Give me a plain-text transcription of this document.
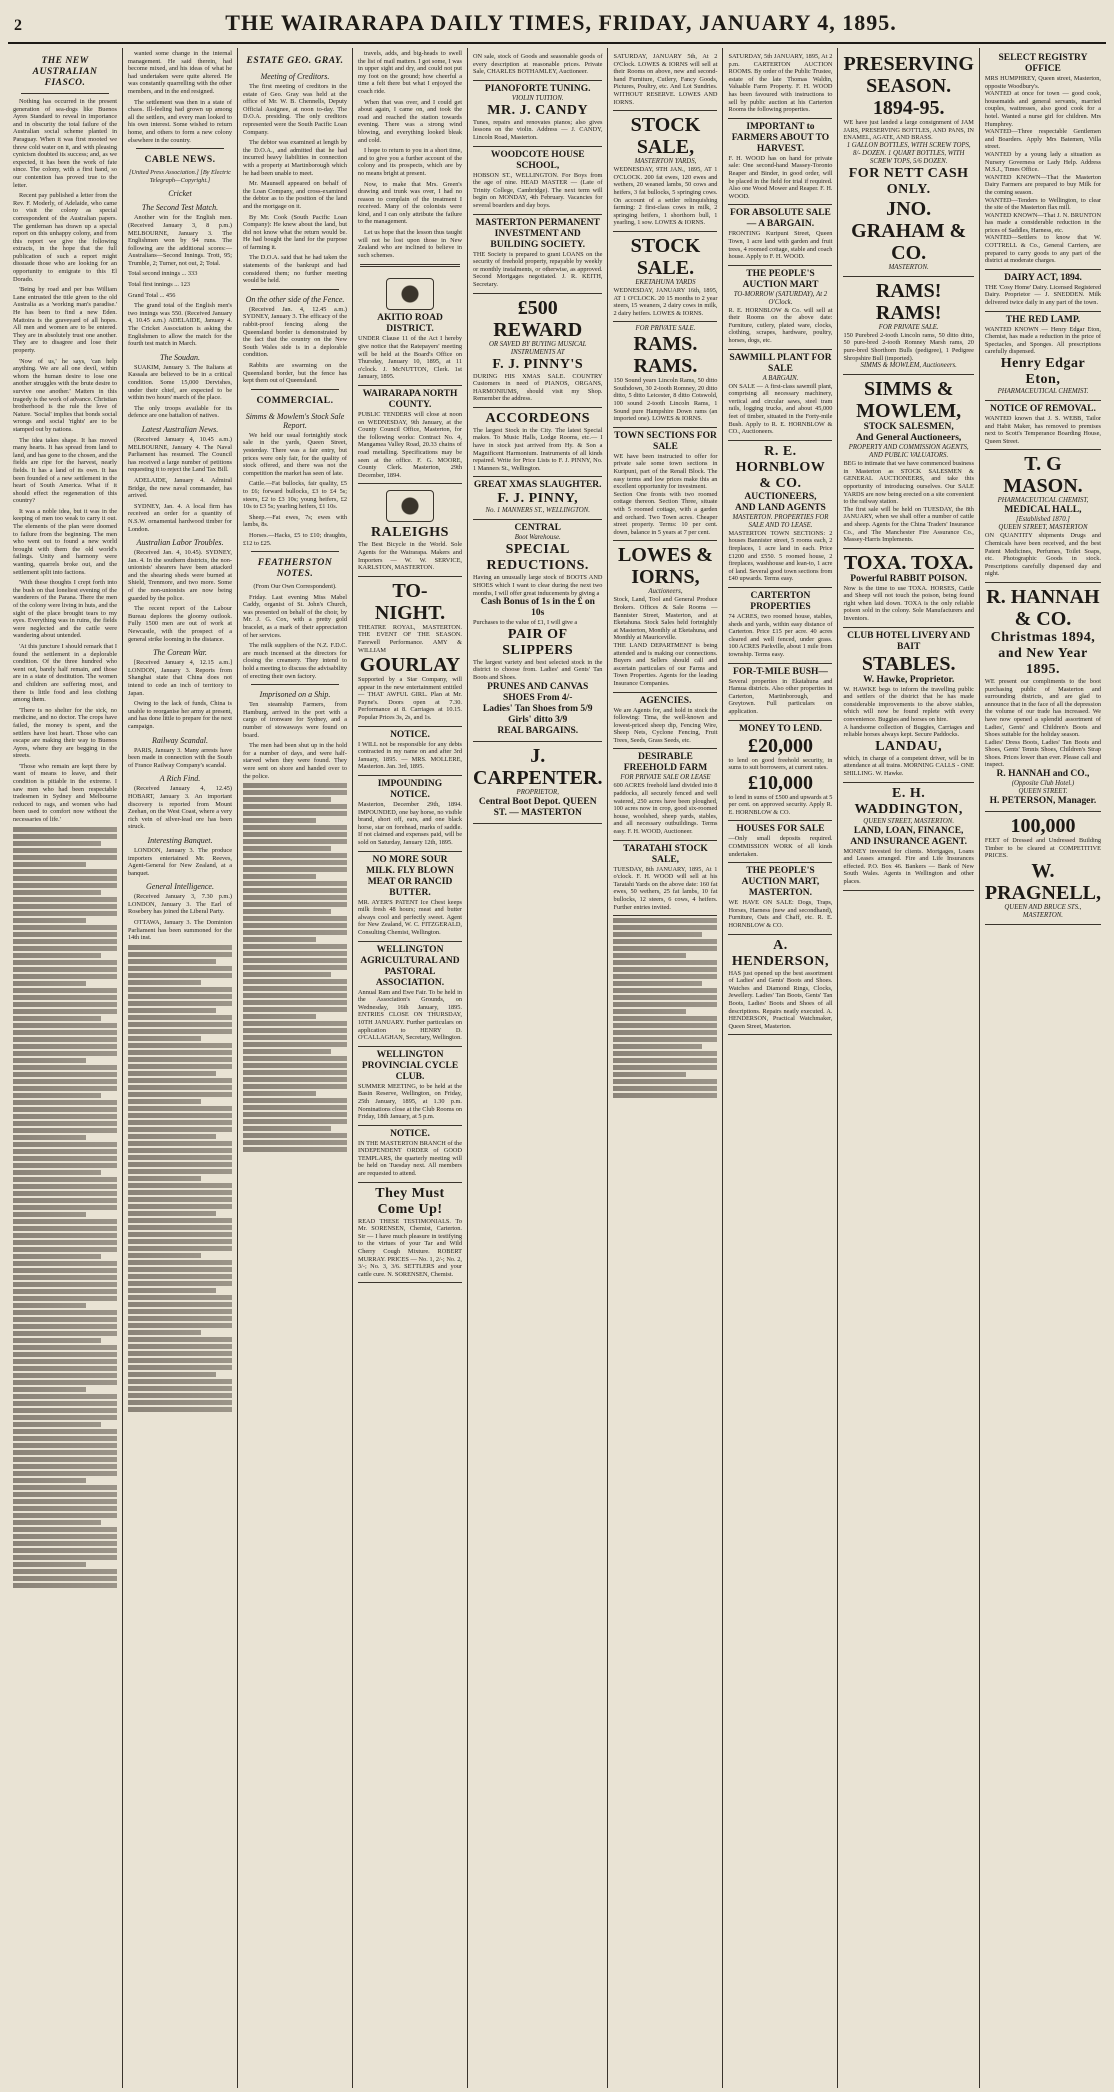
2	THE WAIRARAPA DAILY TIMES, FRIDAY, JANUARY 4, 1895.
THE NEW AUSTRALIAN FIASCO.

Nothing has occurred in the present generation of sea-dogs like Buenos Ayres Standard to reveal in importance and in obscurity the total failure of the Australian social scheme planted in Paraguay. When it was first mooted we threw cold water on it, and with pleasing cynicism doubted its success; and, as we expected, it has been the work of fate since. The colony, with a first hand, so our contention has proved true to the letter.

Recent pay published a letter from the Rev. F. Moderly, of Adelaide, who came to visit the colony as special correspondent of the Australian papers. The gentleman has drawn up a special report on this unhappy colony, and from this report we give the following extracts, in the hope that the full publication of such a report might dissuade those who are looking for an opportunity to emigrate to this El Dorado.

'Being by road and per bus William Lane entrusted the title given to the old Australia as a 'working man's paradise.' He has been to find a new Eden. Mattoira is the graveyard of all hopes. All men and women are to be entered. They are in absolutely trust one another. They are to disagree and lose their property.

'Now of us,' he says, 'can help anything. We are all one devil, within whom the human desire to lose one another struggles with the brute desire to survive one another.' Matters in this tragedy is the work of advance. Christian brotherhood is the rule the love of Nature. 'Social' implies that bonds social wrongs and social 'rights' are to be stamped out by nations.

The idea takes shape. It has moved many hearts. It has spread from land to land, and has gone to the chosen, and the fields are ripe for the harvest, nearly fields. It has a land of its own. It has been founded of a new settlement in the heart of South America. What if it should effect the regeneration of this country?

It was a noble idea, but it was in the keeping of men too weak to carry it out. The elements of the plan were doomed to failure from the beginning. The men who went out to found a new world brought with them the old world's failings. Unity and harmony were wanting, quarrels broke out, and the settlement split into factions.

'With these thoughts I crept forth into the bush on that loneliest evening of the wanderers of the Parana. There the men of the colony were living in huts, and the sight of the place brought tears to my eyes. Everything was in ruins, the fields were neglected and the cattle were wandering about untended.

'At this juncture I should remark that I found the settlement in a deplorable condition. Of the three hundred who went out, barely half remain, and those are in a state of destitution. The women and children are suffering most, and there is little food and less clothing among them.

'There is no shelter for the sick, no medicine, and no doctor. The crops have failed, the money is spent, and the settlers have lost heart. Those who can escape are making their way to Buenos Ayres, where they are begging in the streets.

'Those who remain are kept there by want of means to leave, and their condition is pitiable in the extreme. I saw men who had been respectable tradesmen in Sydney and Melbourne reduced to rags, and women who had been used to comfort now without the necessaries of life.'

wanted some change in the internal management. He said therein, had become mixed, and his ideas of what he had undertaken were quite altered. He was constantly quarrelling with the other members, and in the end resigned.

The settlement was then in a state of chaos. Ill-feeling had grown up among all the settlers, and every man looked to his own interest. Some wished to return home, and others to form a new colony elsewhere in the country.

CABLE NEWS.

[United Press Association.] [By Electric Telegraph—Copyright.]

Cricket
The Second Test Match.

Another win for the English men. (Received January 3, 8 p.m.) MELBOURNE, January 3. The Englishmen won by 94 runs. The following are the additional scores:— Australians—Second Innings. Trott, 95; Trumble, 2; Turner, not out, 2; Total.

Total second innings ... 333

Total first innings ... 123

Grand Total ... 456

The grand total of the English men's two innings was 550. (Received January 4, 10.45 a.m.) ADELAIDE, January 4. The Cricket Association is asking the Englishmen to allow the match for the fourth test match in March.

The Soudan.

SUAKIM, January 3. The Italians at Kassala are believed to be in a critical condition. Some 15,000 Dervishes, under their chief, are expected to be within two hours' march of the place.

The only troops available for its defence are one battalion of natives.

Latest Australian News.

(Received January 4, 10.45 a.m.) MELBOURNE, January 4. The Naval Parliament has resumed. The Council has received a large number of petitions requesting it to reject the Land Tax Bill.

ADELAIDE, January 4. Admiral Bridge, the new naval commander, has arrived.

SYDNEY, Jan. 4. A local firm has received an order for a quantity of N.S.W. ornamental hardwood timber for London.

Australian Labor Troubles.

(Received Jan. 4, 10.45). SYDNEY, Jan. 4. In the southern districts, the non-unionists' shearers have been attacked and the shearing sheds were burned at Shield, Trenmore, and two more. Some of the non-unionists are now being guarded by the police.

The recent report of the Labour Bureau deplores the gloomy outlook. Fully 1500 men are out of work at Newcastle, with the prospect of a general strike looming in the distance.

The Corean War.

[Received January 4, 12.15 a.m.] LONDON, January 3. Reports from Shanghai state that China does not intend to cede an inch of territory to Japan.

Owing to the lack of funds, China is unable to reorganise her army at present, and has done little to prepare for the next campaign.

Railway Scandal.

PARIS, January 3. Many arrests have been made in connection with the South of France Railway Company's scandal.

A Rich Find.

(Received January 4, 12.45) HOBART, January 3. An important discovery is reported from Mount Zeehan, on the West Coast, where a very rich vein of silver-lead ore has been struck.

Interesting Banquet.

LONDON, January 3. The produce importers entertained Mr. Reeves, Agent-General for New Zealand, at a banquet.

General Intelligence.

(Received January 3, 7.30 p.m.) LONDON, January 3. The Earl of Rosebery has joined the Liberal Party.

OTTAWA, January 3. The Dominion Parliament has been summoned for the 14th inst.

ESTATE GEO. GRAY.
Meeting of Creditors.

The first meeting of creditors in the estate of Geo. Gray was held at the office of Mr. W. B. Chennells, Deputy Official Assignee, at noon to-day. The D.O.A. presiding. The only creditors represented were the South Pacific Loan Company.

The debtor was examined at length by the D.O.A., and admitted that he had incurred heavy liabilities in connection with a property at Martinborough which he had been unable to meet.

Mr. Maunsell appeared on behalf of the Loan Company, and cross-examined the debtor as to the position of the land and the mortgage on it.

By Mr. Cook (South Pacific Loan Company): He knew about the land, but did not know what the return would be. He had bought the land for the purpose of farming it.

The D.O.A. said that he had taken the statements of the bankrupt and had considered them; no further meeting would be held.

On the other side of the Fence.

(Received Jan. 4, 12.45 a.m.) SYDNEY, January 3. The efficacy of the rabbit-proof fencing along the Queensland border is demonstrated by the fact that the country on the New South Wales side is in a deplorable condition.

Rabbits are swarming on the Queensland border, but the fence has kept them out of Queensland.

COMMERCIAL.
Simms & Mowlem's Stock Sale Report.

We held our usual fortnightly stock sale in the yards, Queen Street, yesterday. There was a fair entry, but prices were only fair, for the quality of stock offered, and there was not the competition the market has seen of late.

Cattle.—Fat bullocks, fair quality, £5 to £6; forward bullocks, £3 to £4 5s; steers, £2 to £3 10s; young heifers, £2 10s to £3 5s; yearling heifers, £1 10s.

Sheep.—Fat ewes, 7s; ewes with lambs, 8s.

Horses.—Hacks, £5 to £10; draughts, £12 to £25.

FEATHERSTON NOTES.

(From Our Own Correspondent).

Friday. Last evening Miss Mabel Caddy, organist of St. John's Church, was presented on behalf of the choir, by Mr. J. G. Cox, with a pretty gold bracelet, as a mark of their appreciation of her services.

The milk suppliers of the N.Z. F.D.C. are much incensed at the directors for closing the creamery. They intend to hold a meeting to discuss the advisability of erecting their own factory.

Imprisoned on a Ship.

Ten steamship Farmers, from Hamburg, arrived in the port with a cargo of ironware for Sydney, and a number of stowaways were found on board.

The men had been shut up in the hold for a number of days, and were half-starved when they were found. They were sent on shore and handed over to the police.

travels, adds, and big-heads to swell the list of mail matters. I got some, I was in upper sight and dry, and could not put my foot on the ground; how cheerful a time a felt there but what I enjoyed the coach ride.

When that was over, and I could get about again, I came on, and took the road and reached the station towards evening. There was a strong wind blowing, and everything looked bleak and cold.

I hope to return to you in a short time, and to give you a further account of the colony and its prospects, which are by no means bright at present.

Now, to make that Mrs. Green's drawing and trunk was over, I had no reason to complain of the treatment I received. Many of the colonists were kind, and I can only attribute the failure to the management.

Let us hope that the lesson thus taught will not be lost upon those in New Zealand who are inclined to believe in such schemes.

AKITIO ROAD DISTRICT.
UNDER Clause 11 of the Act I hereby give notice that the Ratepayers' meeting will be held at the Board's Office on Thursday, January 10, 1895, at 11 o'clock. J. McNUTTON, Clerk. 1st January, 1895.
WAIRARAPA NORTH COUNTY.
PUBLIC TENDERS will close at noon on WEDNESDAY, 9th January, at the County Council Office, Masterton, for the following works: Contract No. 4, Mangamea Valley Road, 20.33 chains of road metalling. Specifications may be seen at the office. F. G. MOORE, County Clerk. Masterton, 29th December, 1894.
RALEIGHS
The Best Bicycle in the World. Sole Agents for the Wairarapa. Makers and Importers — W. W. SERVICE, KARLSTON, MASTERTON.
TO-NIGHT.
THEATRE ROYAL, MASTERTON. THE EVENT OF THE SEASON. Farewell Performance. AMY & WILLIAM
GOURLAY
Supported by a Star Company, will appear in the new entertainment entitled — THAT AWFUL GIRL. Plan at Mr. Payne's. Doors open at 7.30. Performance at 8. Carriages at 10.15. Popular Prices 3s, 2s, and 1s.
NOTICE.
I WILL not be responsible for any debts contracted in my name on and after 3rd January, 1895. — MRS. MOLLERE, Masterton. Jan. 3rd, 1895.
IMPOUNDING NOTICE.
Masterton, December 29th, 1894. IMPOUNDED, one bay horse, no visible brand, short off, ears, and one black horse, star on forehead, marks of saddle. If not claimed and expenses paid, will be sold on Saturday, January 12th, 1895.
NO MORE SOUR MILK. FLY BLOWN MEAT OR RANCID BUTTER.
MR. AYER'S PATENT Ice Chest keeps milk fresh 48 hours; meat and butter always cool and perfectly sweet. Agent for New Zealand, W. C. FITZGERALD, Consulting Chemist, Wellington.
WELLINGTON AGRICULTURAL AND PASTORAL ASSOCIATION.
Annual Ram and Ewe Fair. To be held in the Association's Grounds, on Wednesday, 16th January, 1895. ENTRIES CLOSE ON THURSDAY, 10TH JANUARY. Further particulars on application to HENRY D. O'CALLAGHAN, Secretary, Wellington.
WELLINGTON PROVINCIAL CYCLE CLUB.
SUMMER MEETING, to be held at the Basin Reserve, Wellington, on Friday, 25th January, 1895, at 1.30 p.m. Nominations close at the Club Rooms on Friday, 18th January, at 5 p.m.
NOTICE.
IN THE MASTERTON BRANCH of the INDEPENDENT ORDER of GOOD TEMPLARS, the quarterly meeting will be held on Tuesday next. All members are requested to attend.
They Must Come Up!
READ THESE TESTIMONIALS. To Mr. SORENSEN, Chemist, Carterton. Sir — I have much pleasure in testifying to the virtues of your Tar and Wild Cherry Cough Mixture. ROBERT MURRAY. PRICES — No. 1, 2/-; No. 2, 3/-; No. 3, 3/6. SETTLERS and your cattle cure. N. SORENSEN, Chemist.
ON sale, stock of Goods and seasonable goods of every description at reasonable prices. Private Sale, CHARLES BOTHAMLEY, Auctioneer.
PIANOFORTE TUNING.
VIOLIN TUITION.
MR. J. CANDY
Tunes, repairs and renovates pianos; also gives lessons on the violin. Address — J. CANDY, Lincoln Road, Masterton.
WOODCOTE HOUSE SCHOOL,
HOBSON ST., WELLINGTON. For Boys from the age of nine. HEAD MASTER — (Late of Trinity College, Cambridge). The next term will begin on MONDAY, 4th February. Vacancies for several boarders and day boys.
MASTERTON PERMANENT INVESTMENT AND BUILDING SOCIETY.
THE Society is prepared to grant LOANS on the security of freehold property, repayable by weekly or monthly instalments, or otherwise, as approved. Second Mortgages negotiated. J. R. KEITH, Secretary.
£500 REWARD
OR SAVED BY BUYING MUSICAL INSTRUMENTS AT
F. J. PINNY'S
DURING HIS XMAS SALE. COUNTRY Customers in need of PIANOS, ORGANS, HARMONIUMS, should visit my Shop. Remember the address.
ACCORDEONS
The largest Stock in the City. The latest Special makes. To Music Halls, Lodge Rooms, etc.— I have in stock just arrived from Hy. & Son a Magnificent Harmonium. Instruments of all kinds repaired. Write for Price Lists to F. J. PINNY, No. 1 Manners St., Wellington.
GREAT XMAS SLAUGHTER.
F. J. PINNY,
No. 1 MANNERS ST., WELLINGTON.
CENTRAL
Boot Warehouse.
SPECIAL REDUCTIONS.
Having an unusually large stock of BOOTS AND SHOES which I want to clear during the next two months, I will offer great inducements by giving a
Cash Bonus of 1s in the £ on 10s
Purchases to the value of £1, I will give a
PAIR OF SLIPPERS
The largest variety and best selected stock in the district to choose from. Ladies' and Gents' Tan Boots and Shoes.
PRUNES AND CANVAS SHOES From 4/-
Ladies' Tan Shoes from 5/9 Girls' ditto 3/9
REAL BARGAINS.
J. CARPENTER.
PROPRIETOR,
Central Boot Depot. QUEEN ST. — MASTERTON
SATURDAY, JANUARY 5th, At 2 O'Clock. LOWES & IORNS will sell at their Rooms on above, new and second-hand Furniture, Cutlery, Fancy Goods, Pictures, Poultry, etc. And Lot Sundries. WITHOUT RESERVE. LOWES AND IORNS.
STOCK SALE,
MASTERTON YARDS,
WEDNESDAY, 9TH JAN., 1895, AT 1 O'CLOCK. 200 fat ewes, 120 ewes and wethers, 20 weaned lambs, 50 cows and heifers, 3 fat bullocks, 5 springing cows. On account of a settler relinquishing farming: 2 first-class cows in milk, 2 springing heifers, 1 shorthorn bull, 1 yearling, 1 sow. LOWES & IORNS.
STOCK SALE.
EKETAHUNA YARDS
WEDNESDAY, JANUARY 16th, 1895, AT 1 O'CLOCK. 20 15 months to 2 year steers, 15 weaners, 2 dairy cows in milk, 2 dairy heifers. LOWES & IORNS.
FOR PRIVATE SALE.
RAMS. RAMS.
150 Sound years Lincoln Rams, 50 ditto Southdown, 30 2-tooth Romney, 20 ditto ditto, 5 ditto Leicester, 8 ditto Cotswold, 100 sound 2-tooth Lincoln Rams, 1 Sound pure Hampshire Down rams (an imported one). LOWES & IORNS.
TOWN SECTIONS FOR SALE
WE have been instructed to offer for private sale some town sections in Kuripuni, part of the Renall Block. The easy terms and low prices make this an excellent opportunity for investment.
Section One fronts with two roomed cottage thereon. Section Three, situate with 5 roomed cottage, with a garden and orchard. Two Town acres. Cheaper street property. Terms: 10 per cent. down, balance in 5 years at 7 per cent.
LOWES & IORNS,
Auctioneers,
Stock, Land, Tool and General Produce Brokers. Offices & Sale Rooms — Bannister Street, Masterton, and at Eketahuna. Stock Sales held fortnightly at Masterton, Monthly at Eketahuna, and Monthly at Mauriceville.
THE LAND DEPARTMENT is being attended and is making our connections. Buyers and Sellers should call and ascertain particulars of our Farms and Town Properties. Agents for the leading Insurance Companies.
AGENCIES.
We are Agents for, and hold in stock the following: Tima, the well-known and lowest-priced sheep dip, Fencing Wire, Sheep Nets, Cyclone Fencing, Fruit Trees, Seeds, Grass Seeds, etc.
DESIRABLE FREEHOLD FARM
FOR PRIVATE SALE OR LEASE
600 ACRES freehold land divided into 8 paddocks, all securely fenced and well watered, 250 acres have been ploughed, 100 acres now in crop, good six-roomed house, woolshed, sheep yards, stables, and all necessary outbuildings. Terms easy. F. H. WOOD, Auctioneer.
TARATAHI STOCK SALE,
TUESDAY, 8th JANUARY, 1895, At 1 o'clock. F. H. WOOD will sell at his Taratahi Yards on the above date: 160 fat ewes, 50 wethers, 25 fat lambs, 10 fat bullocks, 12 steers, 6 cows, 4 heifers. Further entries invited.
SATURDAY, 5th JANUARY, 1895, At 2 p.m. CARTERTON AUCTION ROOMS. By order of the Public Trustee, estate of the late Thomas Waldin, Valuable Farm Property. F. H. WOOD has been favoured with instructions to sell by public auction at his Carterton Rooms the following properties.
IMPORTANT to FARMERS ABOUT TO HARVEST.
F. H. WOOD has on hand for private sale: One second-hand Massey-Toronto Reaper and Binder, in good order, will be placed in the field for trial if required. Also one Wood Mower and Reaper. F. H. WOOD.
FOR ABSOLUTE SALE — A BARGAIN.
FRONTING Kuripuni Street, Queen Town, 1 acre land with garden and fruit trees, 4 roomed cottage, stable and coach house. Apply to F. H. WOOD.
THE PEOPLE'S AUCTION MART
TO-MORROW (SATURDAY), At 2 O'Clock.
R. E. HORNBLOW & Co. will sell at their Rooms on the above date: Furniture, cutlery, plated ware, clocks, clothing, scrapes, hardware, poultry, horses, dogs, etc.
SAWMILL PLANT FOR SALE
A BARGAIN.
ON SALE — A first-class sawmill plant, comprising all necessary machinery, vertical and circular saws, steel tram rails, logging trucks, and about 45,000 feet of timber, situated in the Forty-mile Bush. Apply to R. E. HORNBLOW & CO., Auctioneers.
R. E. HORNBLOW & CO.
AUCTIONEERS,
AND LAND AGENTS
MASTERTON. PROPERTIES FOR SALE AND TO LEASE.
MASTERTON TOWN SECTIONS: 2 houses Bannister street, 5 rooms each, 2 fireplaces, 1 acre land in each. Price £1200 and £550. 5 roomed house, 2 fireplaces, washhouse and lean-to, 1 acre of land. Several good town sections from £40 upwards. Terms easy.
CARTERTON PROPERTIES
74 ACRES, two roomed house, stables, sheds and yards, within easy distance of Carterton. Price £15 per acre. 40 acres cleared and well fenced, under grass. 100 ACRES Parkville, about 1 mile from township. Terms easy.
FOR-T-MILE BUSH—
Several properties in Ekatahuna and Hamua districts. Also other properties in Carterton, Martinborough, and Greytown. Full particulars on application.
MONEY TO LEND.
£20,000
to lend on good freehold security, in sums to suit borrowers, at current rates.
£10,000
to lend in sums of £500 and upwards at 5 per cent. on approved security. Apply R. E. HORNBLOW & CO.
HOUSES FOR SALE
—Only small deposits required. COMMISSION WORK of all kinds undertaken.
THE PEOPLE'S AUCTION MART, MASTERTON.
WE HAVE ON SALE: Dogs, Traps, Horses, Harness (new and secondhand), Furniture, Oats and Chaff, etc. R. E. HORNBLOW & CO.
A. HENDERSON,
HAS just opened up the best assortment of Ladies' and Gents' Boots and Shoes. Watches and Diamond Rings, Clocks, Jewellery. Ladies' Tan Boots, Gents' Tan Boots, Ladies' Boots and Shoes of all descriptions. Repairs neatly executed. A. HENDERSON, Practical Watchmaker, Queen Street, Masterton.
PRESERVING SEASON.
1894-95.
WE have just landed a large consignment of JAM JARS, PRESERVING BOTTLES, AND PANS, IN ENAMEL, AGATE, AND BRASS.
1 GALLON BOTTLES, WITH SCREW TOPS, 8/- DOZEN. 1 QUART BOTTLES, WITH SCREW TOPS, 5/6 DOZEN.
FOR NETT CASH ONLY.
JNO. GRAHAM & CO.
MASTERTON.
RAMS! RAMS!
FOR PRIVATE SALE.
150 Purebred 2-tooth Lincoln rams, 50 ditto ditto, 50 pure-bred 2-tooth Romney Marsh rams, 20 pure-bred Shorthorn Bulls (pedigree), 1 Pedigree Shropshire Bull (imported).
SIMMS & MOWLEM, Auctioneers.
SIMMS & MOWLEM,
STOCK SALESMEN,
And General Auctioneers,
PROPERTY AND COMMISSION AGENTS, AND PUBLIC VALUATORS.
BEG to intimate that we have commenced business in Masterton as STOCK SALESMEN & GENERAL AUCTIONEERS, and take this opportunity of introducing ourselves. Our SALE YARDS are now being erected on a site convenient to the railway station.
The first sale will be held on TUESDAY, the 8th JANUARY, when we shall offer a number of cattle and sheep. Agents for the China Traders' Insurance Co., and The Manchester Fire Assurance Co., Massey-Harris Implements.
TOXA. TOXA.
Powerful RABBIT POISON.
Now is the time to use TOXA. HORSES, Cattle and Sheep will not touch the poison, being found right when laid down. TOXA is the only reliable poison sold in the colony. Sole Manufacturers and Inventors.
CLUB HOTEL LIVERY AND BAIT
STABLES.
W. Hawke, Proprietor.
W. HAWKE begs to inform the travelling public and settlers of the district that he has made considerable improvements to the above stables, which will now be found replete with every convenience. Buggies and horses on hire.
A handsome collection of Buggies, Carriages and reliable horses always kept. Secure Paddocks.
LANDAU,
which, in charge of a competent driver, will be in attendance at all trains. MORNING CALLS - ONE SHILLING. W. Hawke.
E. H. WADDINGTON,
QUEEN STREET, MASTERTON.
LAND, LOAN, FINANCE, AND INSURANCE AGENT.
MONEY invested for clients. Mortgages, Loans and Leases arranged. Fire and Life Insurances effected. P.O. Box 46. Bankers — Bank of New South Wales. Agents in Wellington and other places.
SELECT REGISTRY OFFICE
MRS HUMPHREY, Queen street, Masterton, opposite Woodbury's.
WANTED at once for town — good cook, housemaids and general servants, married couples, waitresses, also good cook for a hotel. Wanted a nurse girl for children. Mrs Humphrey.
WANTED—Three respectable Gentlemen and Boarders. Apply Mrs Batemen, Villa street.
WANTED by a young lady a situation as Nursery Governess or Lady Help. Address M.S.J., Times Office.
WANTED KNOWN—That the Masterton Dairy Farmers are prepared to buy Milk for the coming season.
WANTED—Tenders to Wellington, to clear the site of the Masterton flax mill.
WANTED KNOWN—That J. N. BRUNTON has made a considerable reduction in the prices of Saddles, Harness, etc.
WANTED—Settlers to know that W. COTTRELL & Co., General Carriers, are prepared to carry goods to any part of the district at moderate charges.
DAIRY ACT, 1894.
THE 'Cosy Home' Dairy. Licensed Registered Dairy. Proprietor — J. SNEDDEN. Milk delivered twice daily in any part of the town.
THE RED LAMP.
WANTED KNOWN — Henry Edgar Eton, Chemist, has made a reduction in the price of Spectacles, and Sponges. All prescriptions carefully dispensed.
Henry Edgar Eton,
PHARMACEUTICAL CHEMIST.
NOTICE OF REMOVAL.
WANTED known that J. S. WEBB, Tailor and Habit Maker, has removed to premises next to Scott's Temperance Boarding House, Queen Street.
T. G MASON.
PHARMACEUTICAL CHEMIST,
MEDICAL HALL,
[Established 1870.]
QUEEN STREET, MASTERTON
ON QUANTITY shipments Drugs and Chemicals have been received, and the best Patent Medicines, Perfumes, Toilet Soaps, etc. Photographic Goods in stock. Prescriptions carefully dispensed day and night.
R. HANNAH & CO.
Christmas 1894,
and New Year 1895.
WE present our compliments to the boot purchasing public of Masterton and surrounding districts, and are glad to announce that in the face of all the depression the volume of our trade has increased. We have now opened a splendid assortment of Ladies', Gents' and Children's Boots and Shoes suitable for the holiday season.
Ladies' Dress Boots, Ladies' Tan Boots and Shoes, Gents' Tennis Shoes, Children's Strap Shoes. Prices lower than ever. Please call and inspect.
R. HANNAH and CO.,
(Opposite Club Hotel.)
QUEEN STREET.
H. PETERSON, Manager.
100,000
FEET of Dressed and Undressed Building Timber to be cleared at COMPETITIVE PRICES.
W. PRAGNELL,
QUEEN AND BRUCE STS., MASTERTON.
